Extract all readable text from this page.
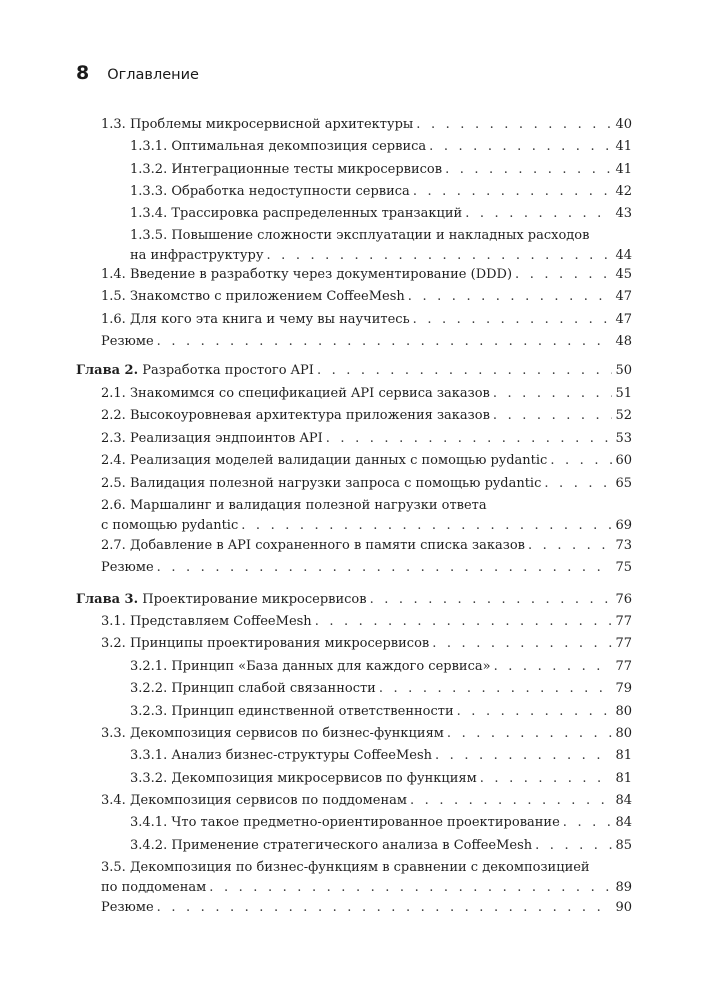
8 Оглавление
1.3. Проблемы микросервисной архитектуры . . .	40
1.3.1. Оптимальная декомпозиция сервиса . . .	41
1.3.2. Интеграционные тесты микросервисов . . .	41
1.3.3. Обработка недоступности сервиса . . .	42
1.3.4. Трассировка распределенных транзакций . . .	43
1.3.5. Повышение сложности эксплуатации и накладных расходов
на инфраструктуру . . .	44
1.4. Введение в разработку через документирование (DDD) . . .	45
1.5. Знакомство с приложением CoffeeMesh . . .	47
1.6. Для кого эта книга и чему вы научитесь . . .	47
Резюме . . .	48
Глава 2. Разработка простого API . . .	50
2.1. Знакомимся со спецификацией API сервиса заказов . . .	51
2.2. Высокоуровневая архитектура приложения заказов . . .	52
2.3. Реализация эндпоинтов API . . .	53
2.4. Реализация моделей валидации данных с помощью pydantic . . .	60
2.5. Валидация полезной нагрузки запроса с помощью pydantic . . .	65
2.6. Маршалинг и валидация полезной нагрузки ответа
с помощью pydantic . . .	69
2.7. Добавление в API сохраненного в памяти списка заказов . . .	73
Резюме . . .	75
Глава 3. Проектирование микросервисов . . .	76
3.1. Представляем CoffeeMesh . . .	77
3.2. Принципы проектирования микросервисов . . .	77
3.2.1. Принцип «База данных для каждого сервиса» . . .	77
3.2.2. Принцип слабой связанности . . .	79
3.2.3. Принцип единственной ответственности . . .	80
3.3. Декомпозиция сервисов по бизнес-функциям . . .	80
3.3.1. Анализ бизнес-структуры CoffeeMesh . . .	81
3.3.2. Декомпозиция микросервисов по функциям . . .	81
3.4. Декомпозиция сервисов по поддоменам . . .	84
3.4.1. Что такое предметно-ориентированное проектирование . . .	84
3.4.2. Применение стратегического анализа в CoffeeMesh . . .	85
3.5. Декомпозиция по бизнес-функциям в сравнении с декомпозицией
по поддоменам . . .	89
Резюме . . .	90
